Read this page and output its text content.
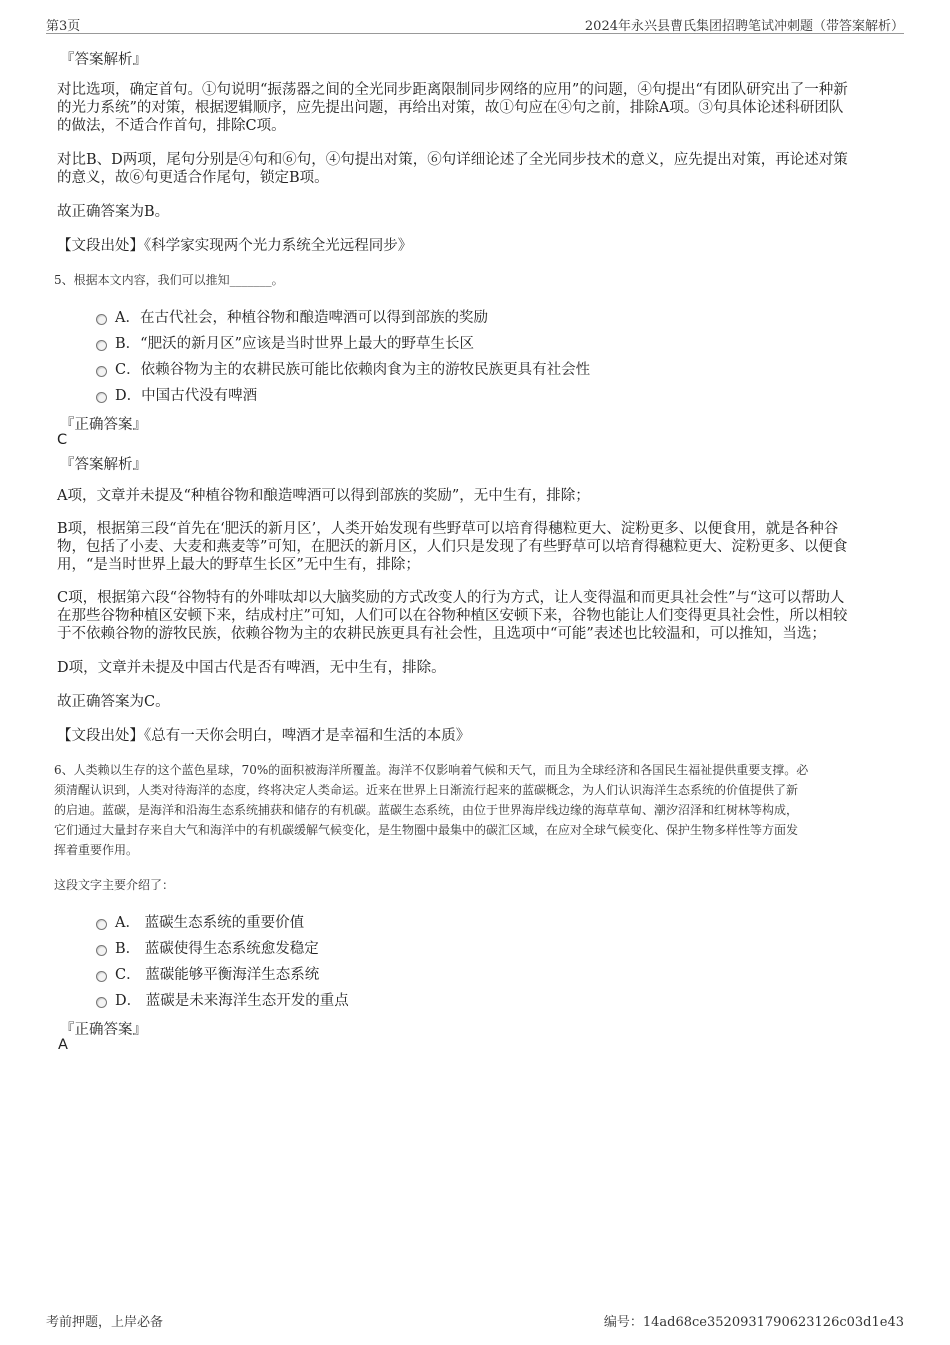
第3页	2024年永兴县曹氏集团招聘笔试冲刺题（带答案解析）
『答案解析』
对比选项，确定首句。①句说明“振荡器之间的全光同步距离限制同步网络的应用”的问题，④句提出“有团队研究出了一种新
的光力系统”的对策，根据逻辑顺序，应先提出问题，再给出对策，故①句应在④句之前，排除A项。③句具体论述科研团队
的做法，不适合作首句，排除C项。
对比B、D两项，尾句分别是④句和⑥句，④句提出对策，⑥句详细论述了全光同步技术的意义，应先提出对策，再论述对策
的意义，故⑥句更适合作尾句，锁定B项。
故正确答案为B。
【文段出处】《科学家实现两个光力系统全光远程同步》
5、根据本文内容，我们可以推知_______。
A．在古代社会，种植谷物和酿造啤酒可以得到部族的奖励
B．“肥沃的新月区”应该是当时世界上最大的野草生长区
C．依赖谷物为主的农耕民族可能比依赖肉食为主的游牧民族更具有社会性
D．中国古代没有啤酒
『正确答案』
C
『答案解析』
A项，文章并未提及“种植谷物和酿造啤酒可以得到部族的奖励”，无中生有，排除；
B项，根据第三段“首先在‘肥沃的新月区’，人类开始发现有些野草可以培育得穗粒更大、淀粉更多、以便食用，就是各种谷
物，包括了小麦、大麦和燕麦等”可知，在肥沃的新月区，人们只是发现了有些野草可以培育得穗粒更大、淀粉更多、以便食
用，“是当时世界上最大的野草生长区”无中生有，排除；
C项，根据第六段“谷物特有的外啡呔却以大脑奖励的方式改变人的行为方式，让人变得温和而更具社会性”与“这可以帮助人
在那些谷物种植区安顿下来，结成村庄”可知，人们可以在谷物种植区安顿下来，谷物也能让人们变得更具社会性，所以相较
于不依赖谷物的游牧民族，依赖谷物为主的农耕民族更具有社会性，且选项中“可能”表述也比较温和，可以推知，当选；
D项，文章并未提及中国古代是否有啤酒，无中生有，排除。
故正确答案为C。
【文段出处】《总有一天你会明白，啤酒才是幸福和生活的本质》
6、人类赖以生存的这个蓝色星球，70%的面积被海洋所覆盖。海洋不仅影响着气候和天气，而且为全球经济和各国民生福祉提供重要支撑。必
须清醒认识到，人类对待海洋的态度，终将决定人类命运。近来在世界上日渐流行起来的蓝碳概念，为人们认识海洋生态系统的价值提供了新
的启迪。蓝碳，是海洋和沿海生态系统捕获和储存的有机碳。蓝碳生态系统，由位于世界海岸线边缘的海草草甸、潮汐沼泽和红树林等构成，
它们通过大量封存来自大气和海洋中的有机碳缓解气候变化，是生物圈中最集中的碳汇区域，在应对全球气候变化、保护生物多样性等方面发
挥着重要作用。
这段文字主要介绍了：
A． 蓝碳生态系统的重要价值
B． 蓝碳使得生态系统愈发稳定
C． 蓝碳能够平衡海洋生态系统
D． 蓝碳是未来海洋生态开发的重点
『正确答案』
A
考前押题，上岸必备	编号：14ad68ce3520931790623126c03d1e43
